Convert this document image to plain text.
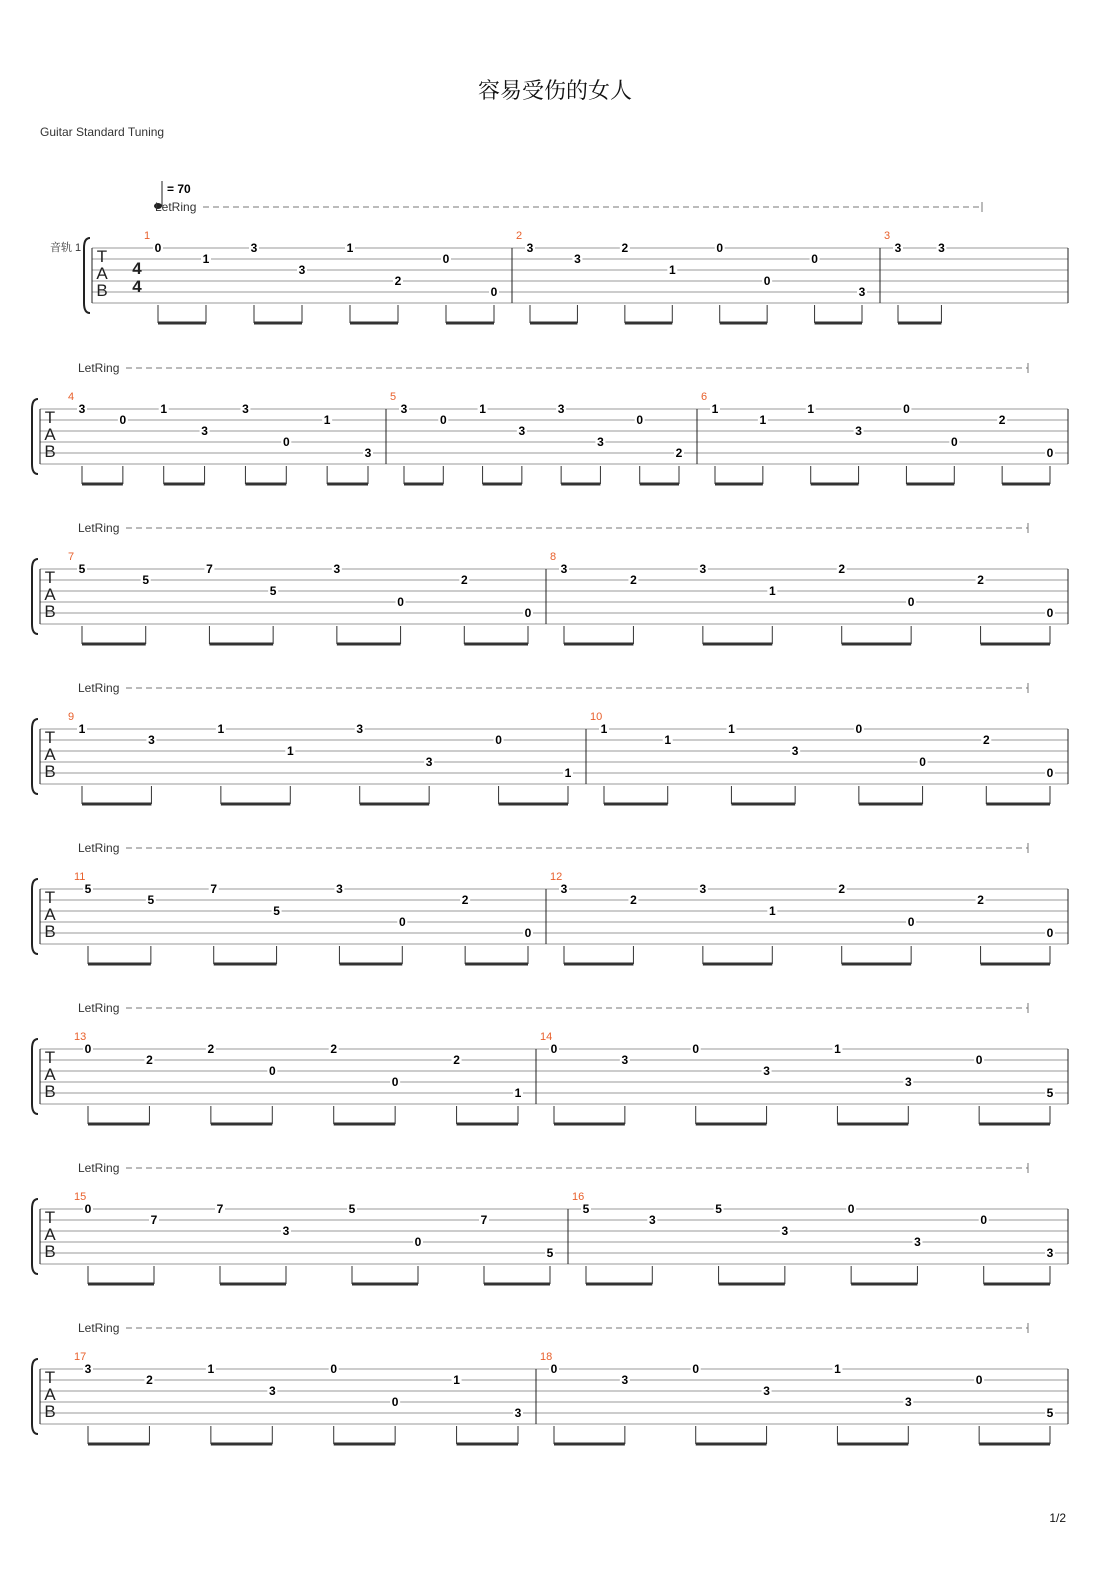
容易受伤的女人
Guitar Standard Tuning
1/2
T
A
B
音轨 1
4
4
= 70
LetRing
1
0
1
3
3
1
2
0
0
2
3
3
2
1
0
0
0
3
3
3	3
T
A
B
LetRing
4
3
0
1
3
3
0
1
3
5
3
0
1
3
3
3
0
2
6
1
1
1
3
0
0
2
0
T
A
B
LetRing
7
5
5
7
5
3
0
2
0
8
3
2
3
1
2
0
2
0
T
A
B
LetRing
9
1
3
1
1
3
3
0
1
10
1
1
1
3
0
0
2
0
T
A
B
LetRing
11
5
5
7
5
3
0
2
0
12
3
2
3
1
2
0
2
0
T
A
B
LetRing
13
0
2
2
0
2
0
2
1
14
0
3
0
3
1
3
0
5
T
A
B
LetRing
15
0
7
7
3
5
0
7
5
16
5
3
5
3
0
3
0
3
T
A
B
LetRing
17
3
2
1
3
0
0
1
3
18
0
3
0
3
1
3
0
5
